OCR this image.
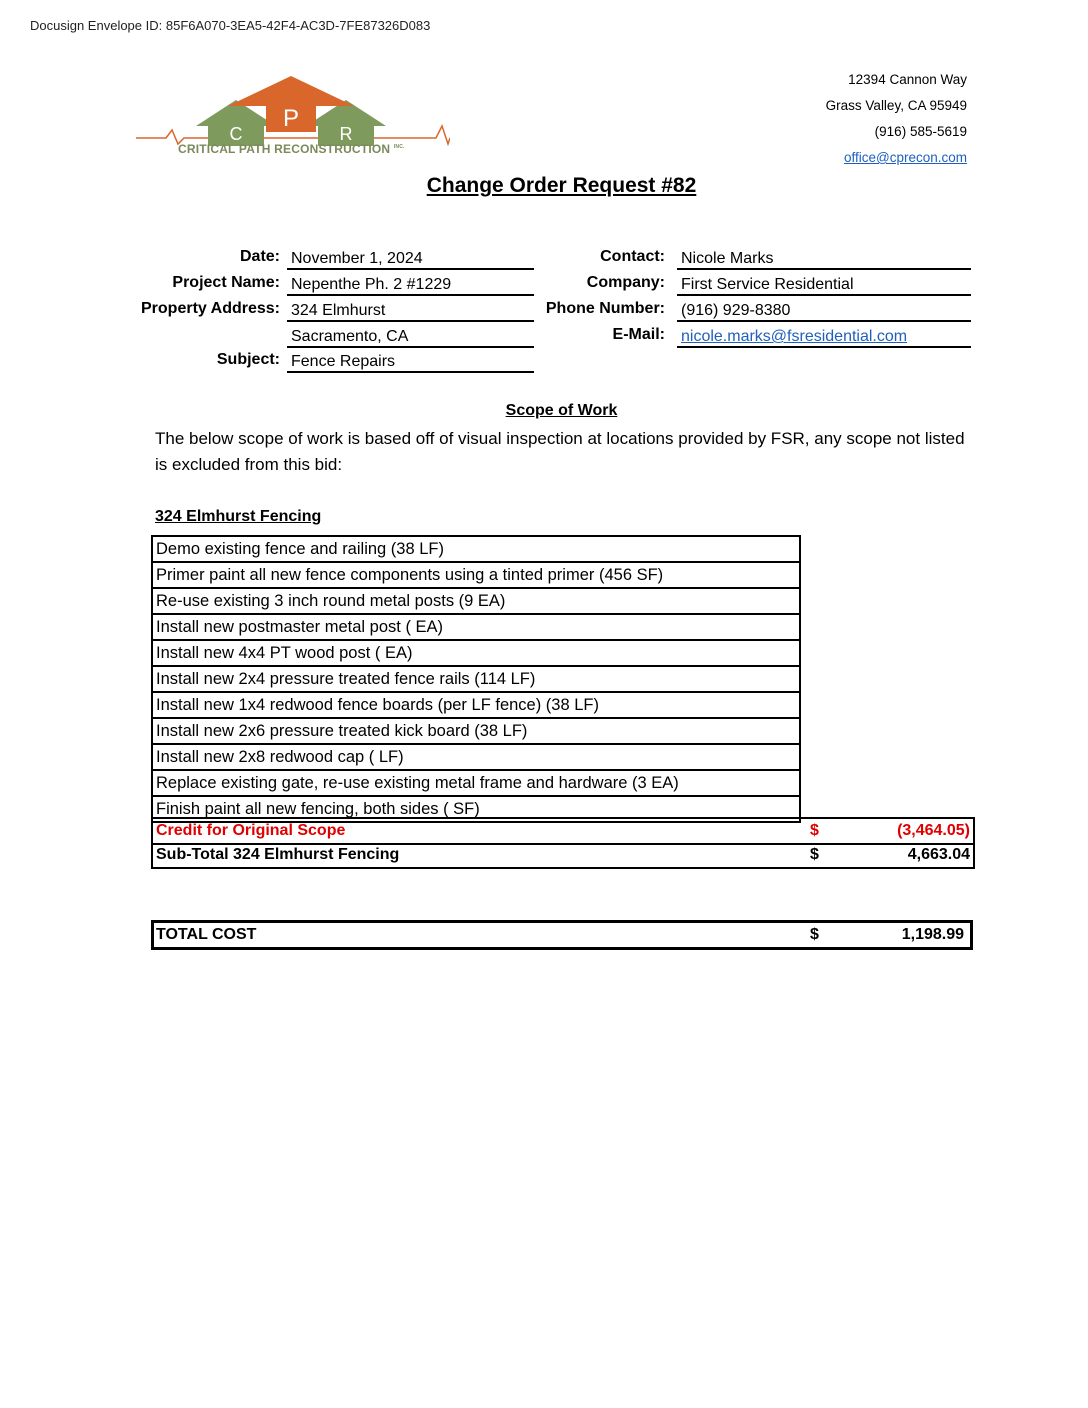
Docusign Envelope ID: 85F6A070-3EA5-42F4-AC3D-7FE87326D083
C
P
R
CRITICAL PATH RECONSTRUCTION $^{INC.}$
12394 Cannon Way
Grass Valley, CA 95949
(916) 585-5619
office@cprecon.com
Change Order Request #82
Date: November 1, 2024
Project Name: Nepenthe Ph. 2 #1229
Property Address: 324 Elmhurst
Sacramento, CA
Subject: Fence Repairs
Contact: Nicole Marks
Company: First Service Residential
Phone Number: (916) 929-8380
E-Mail: nicole.marks@fsresidential.com
Scope of Work
The below scope of work is based off of visual inspection at locations provided by FSR, any scope not listed is excluded from this bid:
324 Elmhurst Fencing
Demo existing fence and railing (38 LF)
Primer paint all new fence components using a tinted primer (456 SF)
Re-use existing 3 inch round metal posts (9 EA)
Install new postmaster metal post ( EA)
Install new 4x4 PT wood post ( EA)
Install new 2x4 pressure treated fence rails (114 LF)
Install new 1x4 redwood fence boards (per LF fence) (38 LF)
Install new 2x6 pressure treated kick board (38 LF)
Install new 2x8 redwood cap ( LF)
Replace existing gate, re-use existing metal frame and hardware (3 EA)
Finish paint all new fencing, both sides ( SF)
Credit for Original Scope	$	(3,464.05)
Sub-Total 324 Elmhurst Fencing	$	4,663.04
TOTAL COST	$	1,198.99
